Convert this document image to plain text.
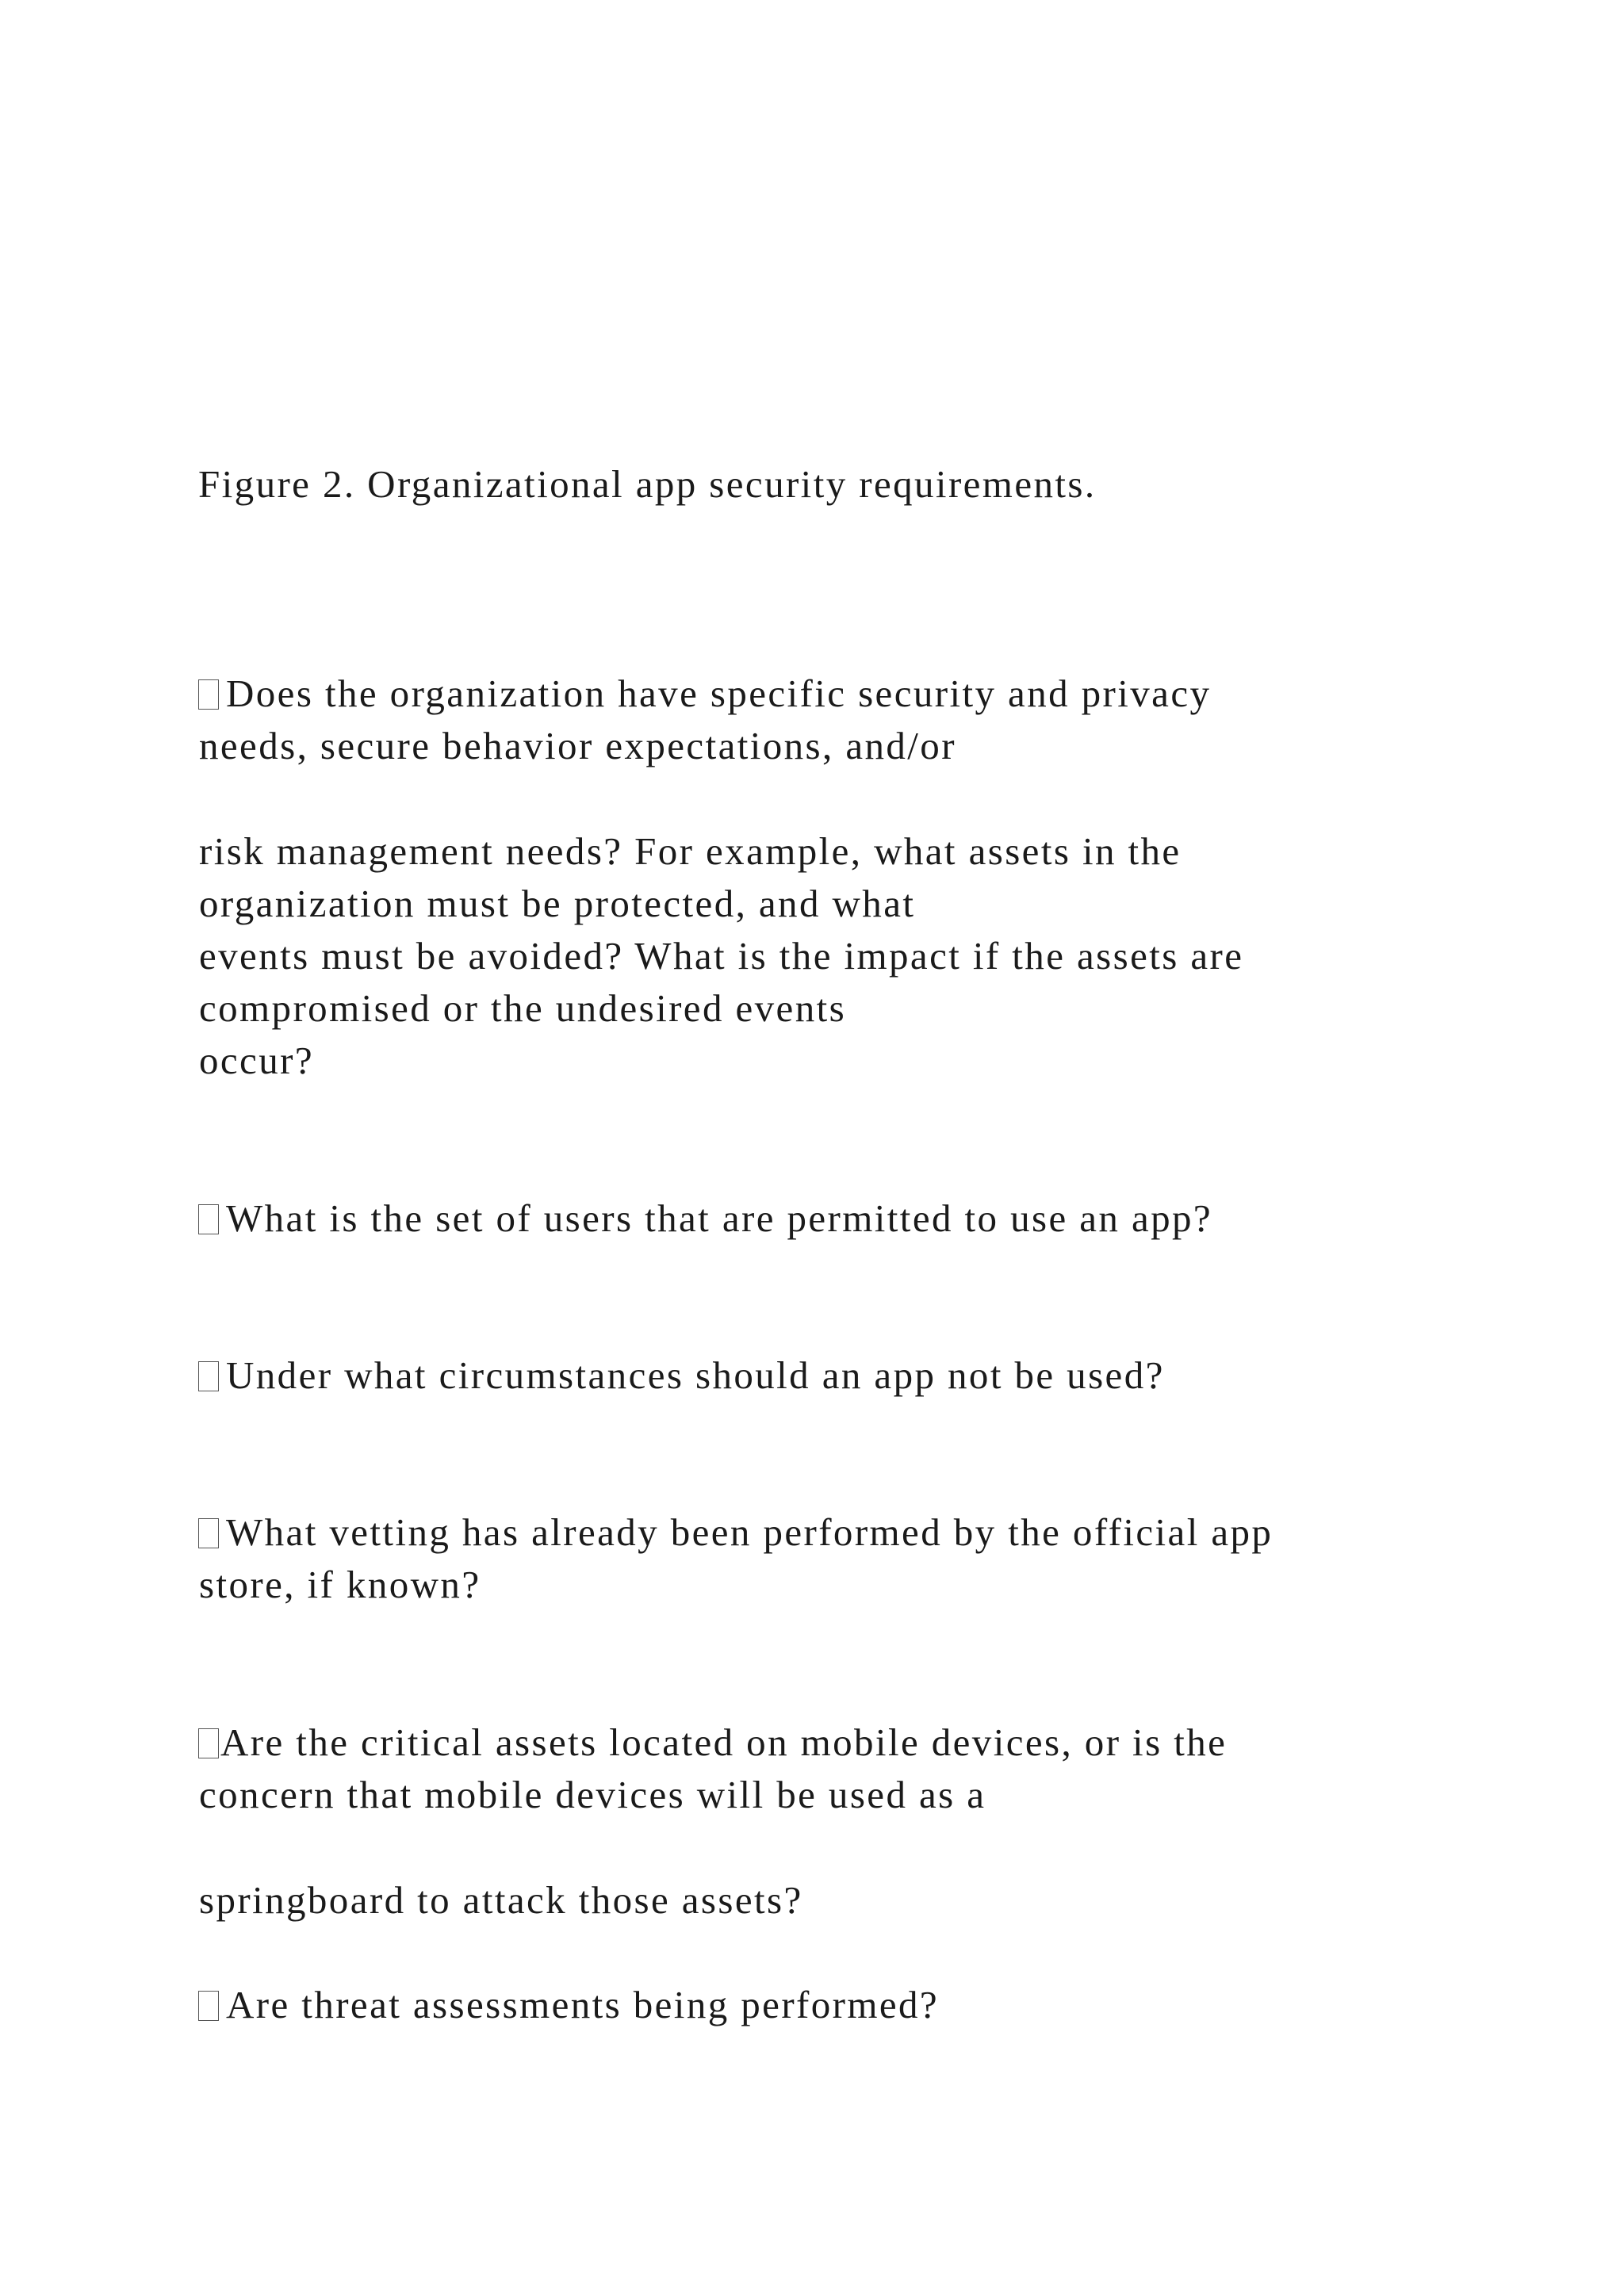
Figure 2. Organizational app security requirements.
Does the organization have specific security and privacy
needs, secure behavior expectations, and/or
risk management needs? For example, what assets in the
organization must be protected, and what
events must be avoided? What is the impact if the assets are
compromised or the undesired events
occur?
What is the set of users that are permitted to use an app?
Under what circumstances should an app not be used?
What vetting has already been performed by the official app
store, if known?
Are the critical assets located on mobile devices, or is the
concern that mobile devices will be used as a
springboard to attack those assets?
Are threat assessments being performed?
